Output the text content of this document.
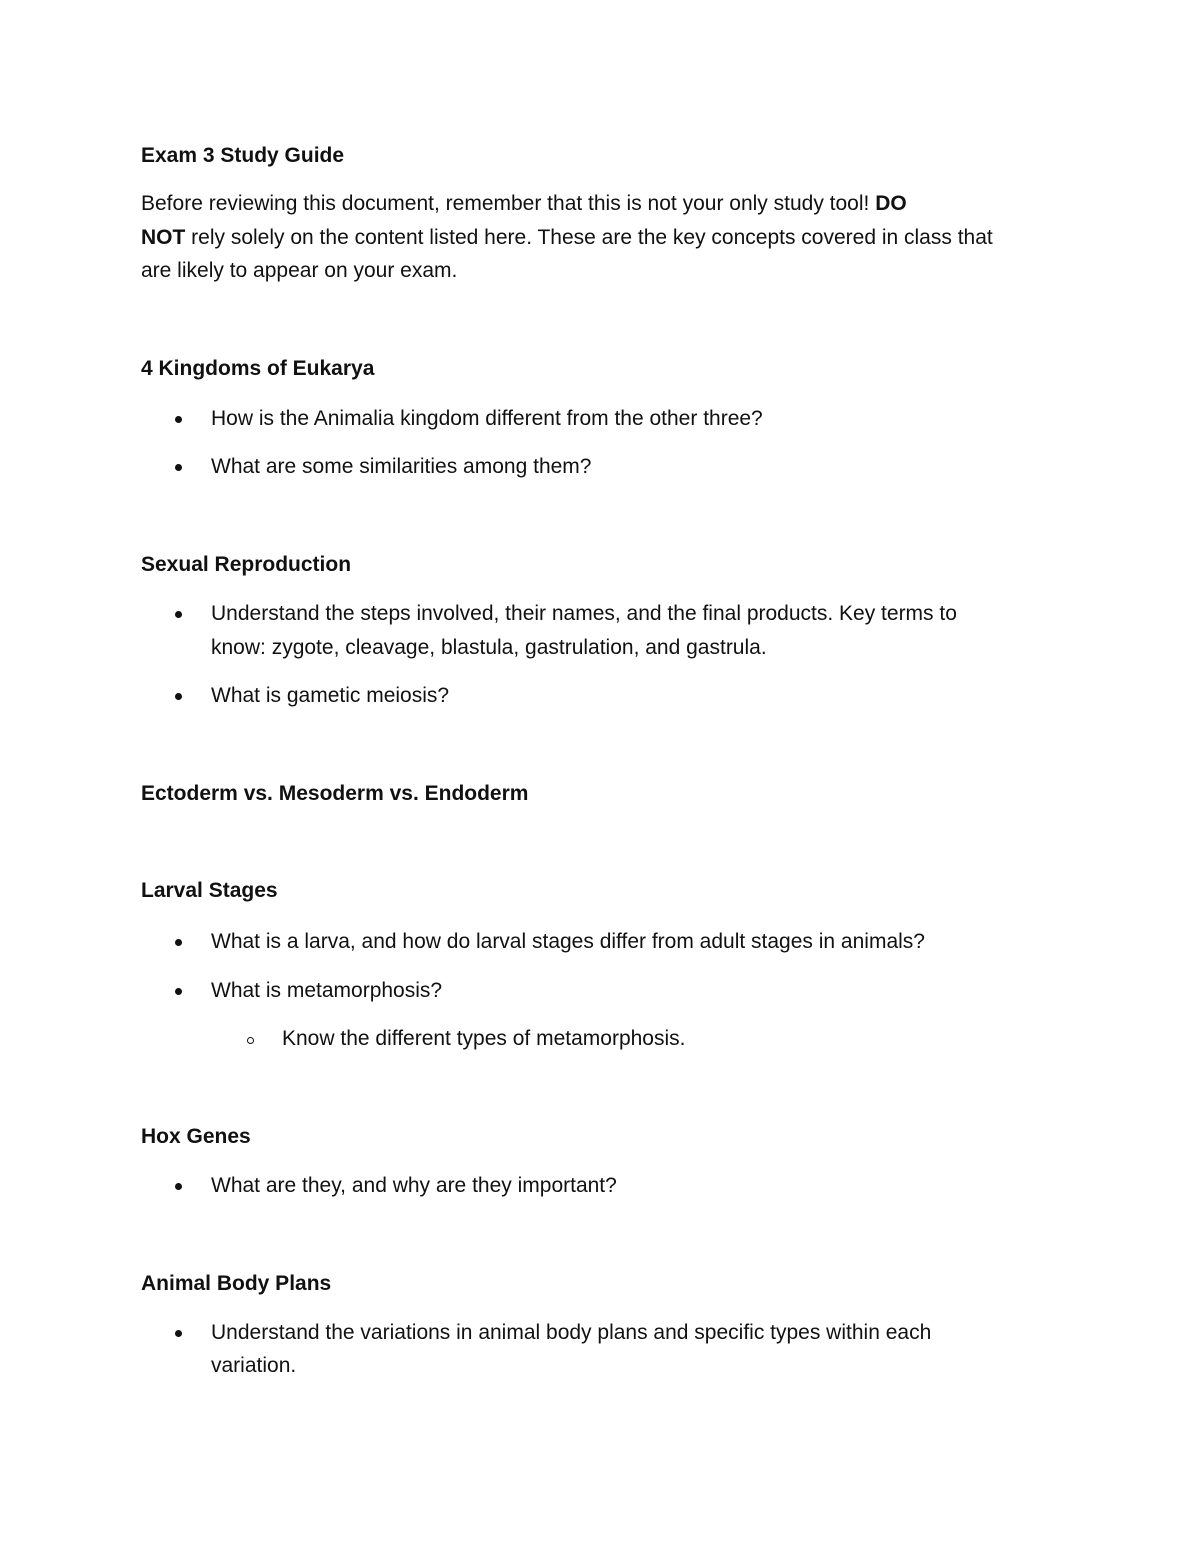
Exam 3 Study Guide
Before reviewing this document, remember that this is not your only study tool! DO
NOT rely solely on the content listed here. These are the key concepts covered in class that
are likely to appear on your exam.
4 Kingdoms of Eukarya
How is the Animalia kingdom different from the other three?
What are some similarities among them?
Sexual Reproduction
Understand the steps involved, their names, and the final products. Key terms to
know: zygote, cleavage, blastula, gastrulation, and gastrula.
What is gametic meiosis?
Ectoderm vs. Mesoderm vs. Endoderm
Larval Stages
What is a larva, and how do larval stages differ from adult stages in animals?
What is metamorphosis?
Know the different types of metamorphosis.
Hox Genes
What are they, and why are they important?
Animal Body Plans
Understand the variations in animal body plans and specific types within each
variation.
